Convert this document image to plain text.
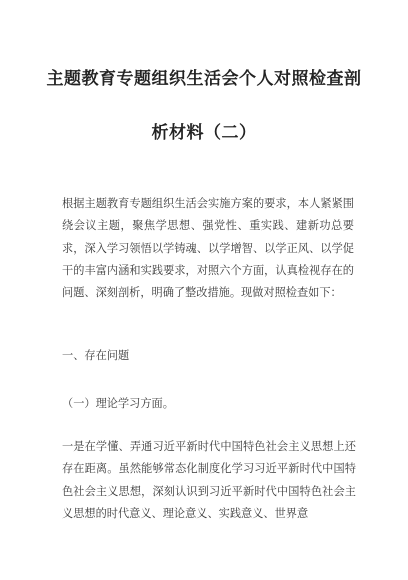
主题教育专题组织生活会个人对照检查剖
析材料（二）
根据主题教育专题组织生活会实施方案的要求，本人紧紧围绕会议主题，聚焦学思想、强党性、重实践、建新功总要求，深入学习领悟以学铸魂、以学增智、以学正风、以学促干的丰富内涵和实践要求，对照六个方面，认真检视存在的问题、深刻剖析，明确了整改措施。现做对照检查如下：
一、存在问题
（一）理论学习方面。
一是在学懂、弄通习近平新时代中国特色社会主义思想上还存在距离。虽然能够常态化制度化学习习近平新时代中国特色社会主义思想，深刻认识到习近平新时代中国特色社会主义思想的时代意义、理论意义、实践意义、世界意
